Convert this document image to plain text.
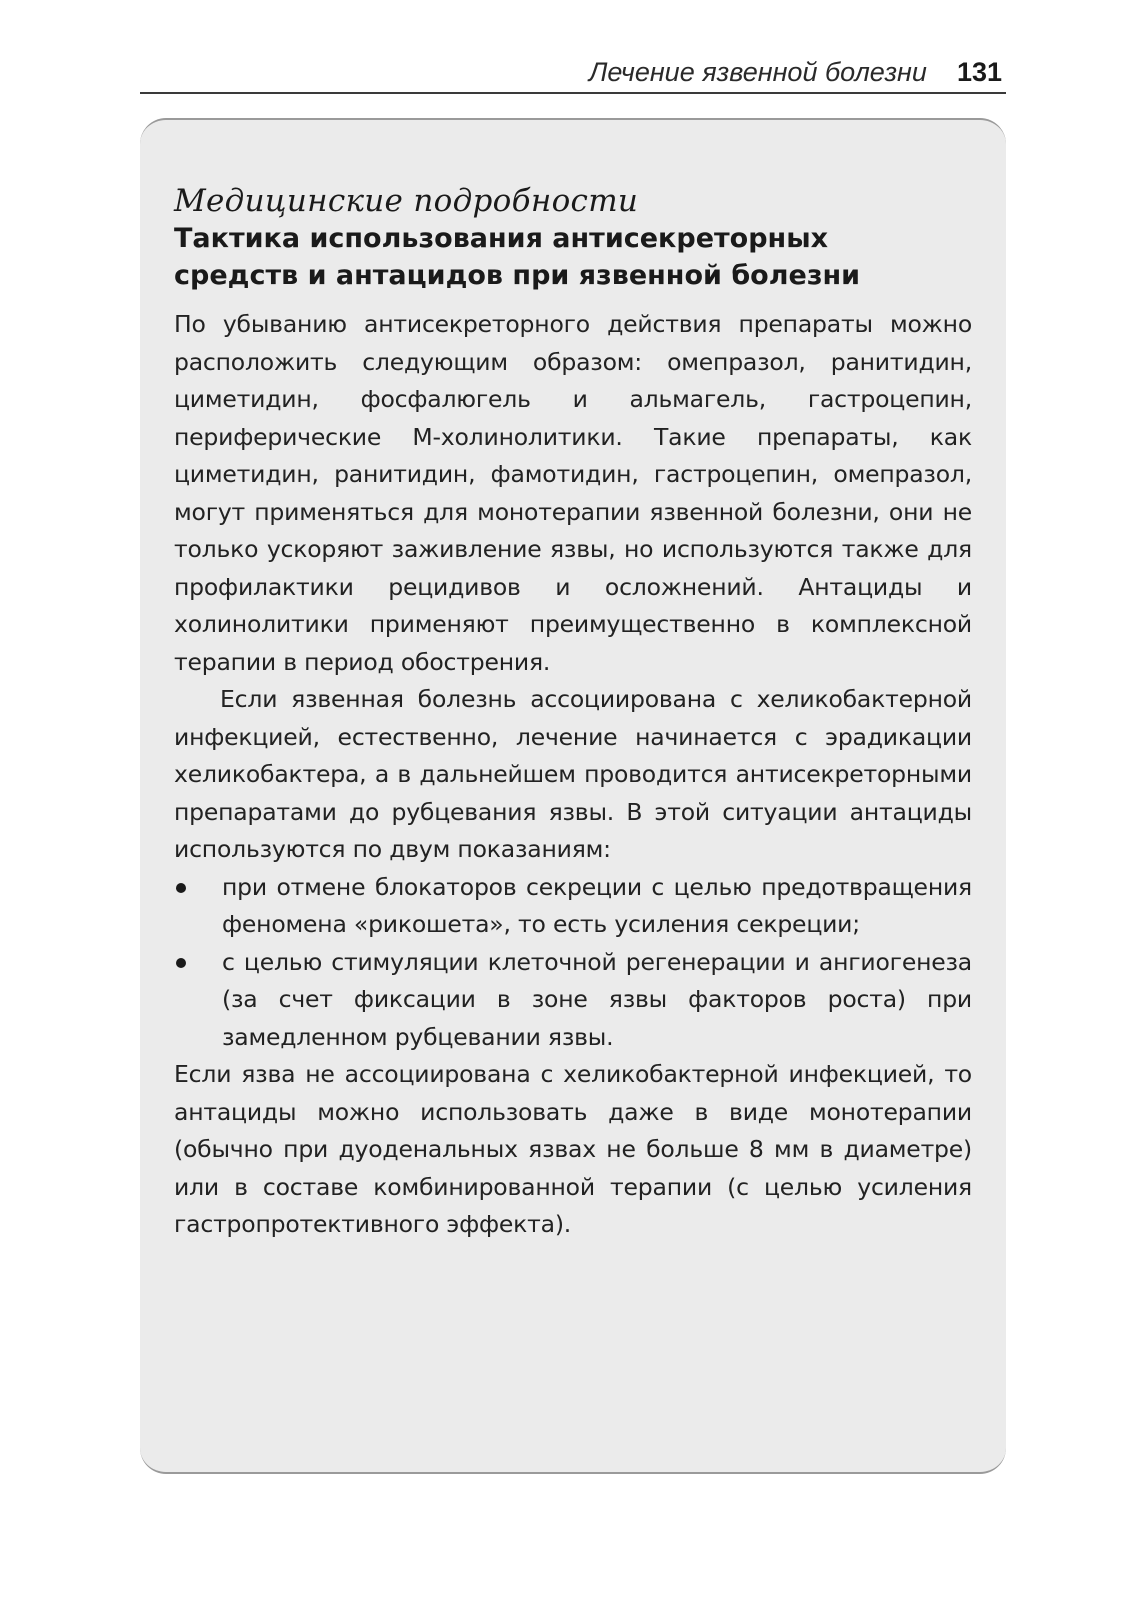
Лечение язвенной болезни 131
Медицинские подробности
Тактика использования антисекреторных
средств и антацидов при язвенной болезни

По убыванию антисекреторного действия препараты можно расположить следующим образом: омепразол, ранитидин, циметидин, фосфалюгель и альмагель, гастроцепин, периферические М-холинолитики. Такие препараты, как циметидин, ранитидин, фамотидин, гастроцепин, омепразол, могут применяться для монотерапии язвенной болезни, они не только ускоряют заживление язвы, но используются также для профилактики рецидивов и осложнений. Антациды и холинолитики применяют преимущественно в комплексной терапии в период обострения.

Если язвенная болезнь ассоциирована с хеликобактерной инфекцией, естественно, лечение начинается с эрадикации хеликобактера, а в дальнейшем проводится антисекреторными препаратами до рубцевания язвы. В этой ситуации антациды используются по двум показаниям:

при отмене блокаторов секреции с целью предотвращения феномена «рикошета», то есть усиления секреции;
с целью стимуляции клеточной регенерации и ангиогенеза (за счет фиксации в зоне язвы факторов роста) при замедленном рубцевании язвы.

Если язва не ассоциирована с хеликобактерной инфекцией, то антациды можно использовать даже в виде монотерапии (обычно при дуоденальных язвах не больше 8 мм в диаметре) или в составе комбинированной терапии (с целью усиления гастропротективного эффекта).
